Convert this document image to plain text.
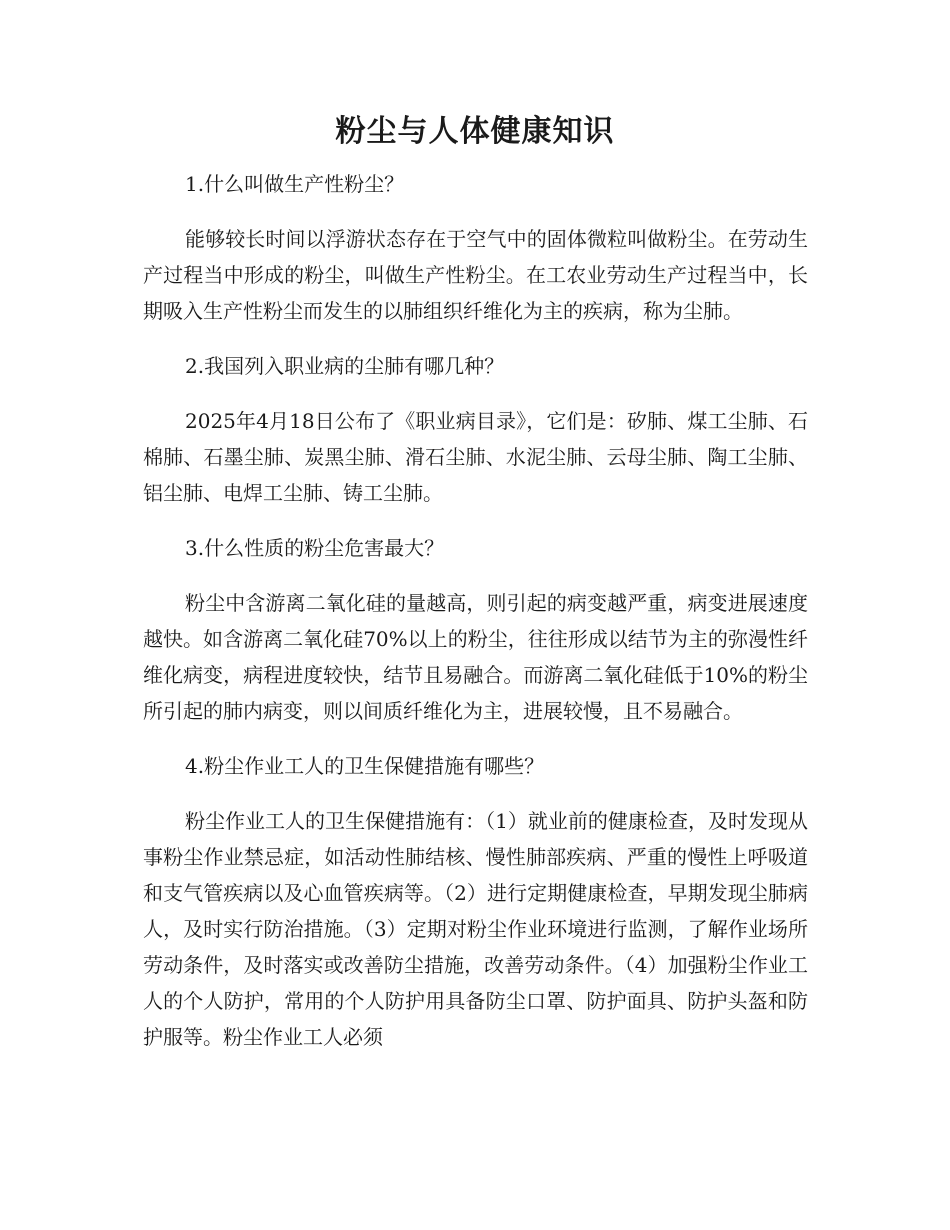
粉尘与人体健康知识
1.什么叫做生产性粉尘？
能够较长时间以浮游状态存在于空气中的固体微粒叫做粉尘。在劳动生产过程当中形成的粉尘，叫做生产性粉尘。在工农业劳动生产过程当中，长期吸入生产性粉尘而发生的以肺组织纤维化为主的疾病，称为尘肺。
2.我国列入职业病的尘肺有哪几种？
2025年4月18日公布了《职业病目录》，它们是：矽肺、煤工尘肺、石棉肺、石墨尘肺、炭黑尘肺、滑石尘肺、水泥尘肺、云母尘肺、陶工尘肺、铝尘肺、电焊工尘肺、铸工尘肺。
3.什么性质的粉尘危害最大？
粉尘中含游离二氧化硅的量越高，则引起的病变越严重，病变进展速度越快。如含游离二氧化硅70%以上的粉尘，往往形成以结节为主的弥漫性纤维化病变，病程进度较快，结节且易融合。而游离二氧化硅低于10%的粉尘所引起的肺内病变，则以间质纤维化为主，进展较慢，且不易融合。
4.粉尘作业工人的卫生保健措施有哪些？
粉尘作业工人的卫生保健措施有：（1）就业前的健康检查，及时发现从事粉尘作业禁忌症，如活动性肺结核、慢性肺部疾病、严重的慢性上呼吸道和支气管疾病以及心血管疾病等。（2）进行定期健康检查，早期发现尘肺病人，及时实行防治措施。（3）定期对粉尘作业环境进行监测，了解作业场所劳动条件，及时落实或改善防尘措施，改善劳动条件。（4）加强粉尘作业工人的个人防护，常用的个人防护用具备防尘口罩、防护面具、防护头盔和防护服等。粉尘作业工人必须
